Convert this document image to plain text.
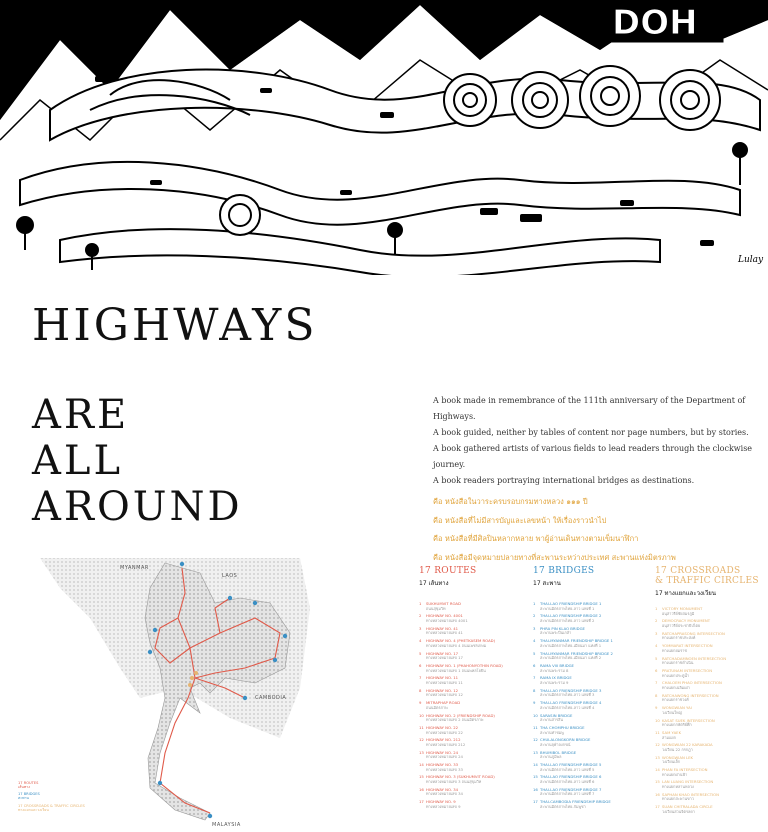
DOH
Lulay
HIGHWAYS
ARE
ALL
AROUND
A book made in remembrance of the 111th anniversary of the Department of Highways.
A book guided, neither by tables of content nor page numbers, but by stories.
A book gathered artists of various fields to lead readers through the clockwise journey.
A book readers portraying international bridges as destinations.
คือ หนังสือในวาระครบรอบกรมทางหลวง ๑๑๑ ปี
คือ หนังสือที่ไม่มีสารบัญและเลขหน้า ให้เรื่องราวนำไป
คือ หนังสือที่มีศิลปินหลากหลาย พาผู้อ่านเดินทางตามเข็มนาฬิกา
คือ หนังสือมีจุดหมายปลายทางที่สะพานระหว่างประเทศ สะพานแห่งมิตรภาพ
MYANMAR
LAOS
CAMBODIA
MALAYSIA
17 ROUTES
เส้นทาง
17 BRIDGES
สะพาน
17 CROSSROADS & TRAFFIC CIRCLES
ทางแยกและวงเวียน
17 ROUTES
17 เส้นทาง
1 SUKHUMVIT ROAD
ถนนสุขุมวิท
2 HIGHWAY NO. 4001
ทางหลวงหมายเลข 4001
3 HIGHWAY NO. 41
ทางหลวงหมายเลข 41
4 HIGHWAY NO. 4 (PHETKASEM ROAD)
ทางหลวงหมายเลข 4 ถนนเพชรเกษม
5 HIGHWAY NO. 17
ทางหลวงหมายเลข 17
6 HIGHWAY NO. 1 (PHAHONYOTHIN ROAD)
ทางหลวงหมายเลข 1 ถนนพหลโยธิน
7 HIGHWAY NO. 11
ทางหลวงหมายเลข 11
8 HIGHWAY NO. 12
ทางหลวงหมายเลข 12
9 MITRAPHAP ROAD
ถนนมิตรภาพ
10 HIGHWAY NO. 2 (FRIENDSHIP ROAD)
ทางหลวงหมายเลข 2 ถนนมิตรภาพ
11 HIGHWAY NO. 22
ทางหลวงหมายเลข 22
12 HIGHWAY NO. 212
ทางหลวงหมายเลข 212
13 HIGHWAY NO. 24
ทางหลวงหมายเลข 24
14 HIGHWAY NO. 33
ทางหลวงหมายเลข 33
15 HIGHWAY NO. 3 (SUKHUMVIT ROAD)
ทางหลวงหมายเลข 3 ถนนสุขุมวิท
16 HIGHWAY NO. 34
ทางหลวงหมายเลข 34
17 HIGHWAY NO. 9
ทางหลวงหมายเลข 9
17 BRIDGES
17 สะพาน
1 THAI-LAO FRIENDSHIP BRIDGE 1
สะพานมิตรภาพไทย-ลาว แห่งที่ 1
2 THAI-LAO FRIENDSHIP BRIDGE 2
สะพานมิตรภาพไทย-ลาว แห่งที่ 2
3 PHRA PIN KLAO BRIDGE
สะพานพระปิ่นเกล้า
4 THAI-MYANMAR FRIENDSHIP BRIDGE 1
สะพานมิตรภาพไทย-เมียนมา แห่งที่ 1
5 THAI-MYANMAR FRIENDSHIP BRIDGE 2
สะพานมิตรภาพไทย-เมียนมา แห่งที่ 2
6 RAMA VIII BRIDGE
สะพานพระราม 8
7 RAMA IX BRIDGE
สะพานพระราม 9
8 THAI-LAO FRIENDSHIP BRIDGE 3
สะพานมิตรภาพไทย-ลาว แห่งที่ 3
9 THAI-LAO FRIENDSHIP BRIDGE 4
สะพานมิตรภาพไทย-ลาว แห่งที่ 4
10 SARASIN BRIDGE
สะพานสารสิน
11 THA CHOMPHU BRIDGE
สะพานท่าชมพู
12 CHULALONGKORN BRIDGE
สะพานจุฬาลงกรณ์
13 BHUMIBOL BRIDGE
สะพานภูมิพล
14 THAI-LAO FRIENDSHIP BRIDGE 5
สะพานมิตรภาพไทย-ลาว แห่งที่ 5
15 THAI-LAO FRIENDSHIP BRIDGE 6
สะพานมิตรภาพไทย-ลาว แห่งที่ 6
16 THAI-LAO FRIENDSHIP BRIDGE 7
สะพานมิตรภาพไทย-ลาว แห่งที่ 7
17 THAI-CAMBODIA FRIENDSHIP BRIDGE
สะพานมิตรภาพไทย-กัมพูชา
17 CROSSROADS
& TRAFFIC CIRCLES
17 ทางแยกและวงเวียน
1 VICTORY MONUMENT
อนุสาวรีย์ชัยสมรภูมิ
2 DEMOCRACY MONUMENT
อนุสาวรีย์ประชาธิปไตย
3 RATCHAPRASONG INTERSECTION
ทางแยกราชประสงค์
4 YOMMARAT INTERSECTION
ทางแยกยมราช
5 RATCHADAMNOEN INTERSECTION
ทางแยกราชดำเนิน
6 PRATUNAM INTERSECTION
ทางแยกประตูน้ำ
7 CHALOEM PHAO INTERSECTION
ทางแยกเฉลิมเผ่า
8 RATCHAWONG INTERSECTION
ทางแยกราชวงศ์
9 WONGWIAN YAI
วงเวียนใหญ่
10 KASAT SUEK INTERSECTION
ทางแยกกษัตริย์ศึก
11 SAM YAEK
สามแยก
12 WONGWIAN 22 KARAKADA
วงเวียน 22 กรกฎา
13 WONGWIAN LEK
วงเวียนเล็ก
14 PHAN FA INTERSECTION
ทางแยกผ่านฟ้า
15 LAN LUANG INTERSECTION
ทางแยกหลานหลวง
16 SAPHAN KHAO INTERSECTION
ทางแยกสะพานขาว
17 SUAN CHITRALADA CIRCLE
วงเวียนสวนจิตรลดา
